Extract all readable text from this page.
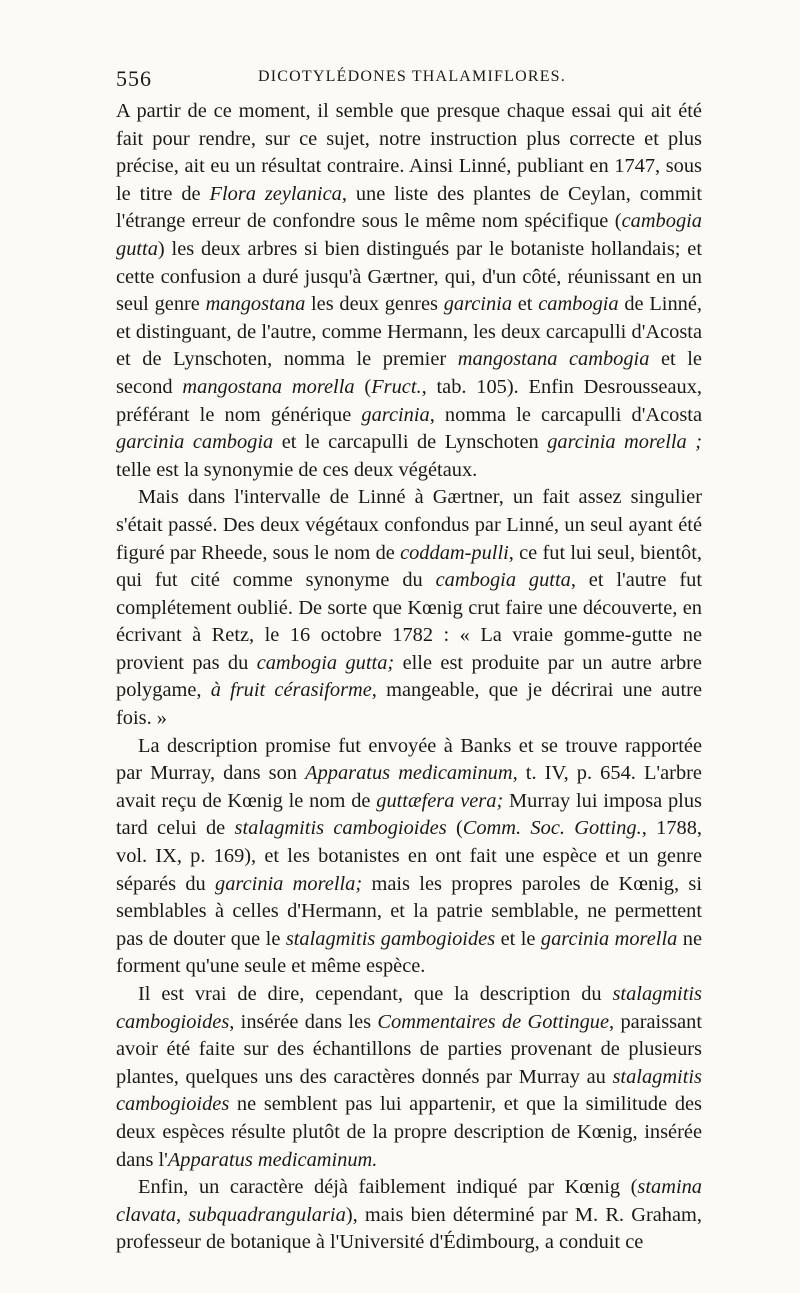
556	DICOTYLÉDONES THALAMIFLORES.

A partir de ce moment, il semble que presque chaque essai qui ait été fait pour rendre, sur ce sujet, notre instruction plus correcte et plus précise, ait eu un résultat contraire. Ainsi Linné, publiant en 1747, sous le titre de Flora zeylanica, une liste des plantes de Ceylan, commit l'étrange erreur de confondre sous le même nom spécifique (cambogia gutta) les deux arbres si bien distingués par le botaniste hollandais; et cette confusion a duré jusqu'à Gærtner, qui, d'un côté, réunissant en un seul genre mangostana les deux genres garcinia et cambogia de Linné, et distinguant, de l'autre, comme Hermann, les deux carcapulli d'Acosta et de Lynschoten, nomma le premier mangostana cambogia et le second mangostana morella (Fruct., tab. 105). Enfin Desrousseaux, préférant le nom générique garcinia, nomma le carcapulli d'Acosta garcinia cambogia et le carcapulli de Lynschoten garcinia morella ; telle est la synonymie de ces deux végétaux.

Mais dans l'intervalle de Linné à Gærtner, un fait assez singulier s'était passé. Des deux végétaux confondus par Linné, un seul ayant été figuré par Rheede, sous le nom de coddam-pulli, ce fut lui seul, bientôt, qui fut cité comme synonyme du cambogia gutta, et l'autre fut complétement oublié. De sorte que Kœnig crut faire une découverte, en écrivant à Retz, le 16 octobre 1782 : « La vraie gomme-gutte ne provient pas du cambogia gutta; elle est produite par un autre arbre polygame, à fruit cérasiforme, mangeable, que je décrirai une autre fois. »

La description promise fut envoyée à Banks et se trouve rapportée par Murray, dans son Apparatus medicaminum, t. IV, p. 654. L'arbre avait reçu de Kœnig le nom de guttæfera vera; Murray lui imposa plus tard celui de stalagmitis cambogioides (Comm. Soc. Gotting., 1788, vol. IX, p. 169), et les botanistes en ont fait une espèce et un genre séparés du garcinia morella; mais les propres paroles de Kœnig, si semblables à celles d'Hermann, et la patrie semblable, ne permettent pas de douter que le stalagmitis gambogioides et le garcinia morella ne forment qu'une seule et même espèce.

Il est vrai de dire, cependant, que la description du stalagmitis cambogioides, insérée dans les Commentaires de Gottingue, paraissant avoir été faite sur des échantillons de parties provenant de plusieurs plantes, quelques uns des caractères donnés par Murray au stalagmitis cambogioides ne semblent pas lui appartenir, et que la similitude des deux espèces résulte plutôt de la propre description de Kœnig, insérée dans l'Apparatus medicaminum.

Enfin, un caractère déjà faiblement indiqué par Kœnig (stamina clavata, subquadrangularia), mais bien déterminé par M. R. Graham, professeur de botanique à l'Université d'Édimbourg, a conduit ce
